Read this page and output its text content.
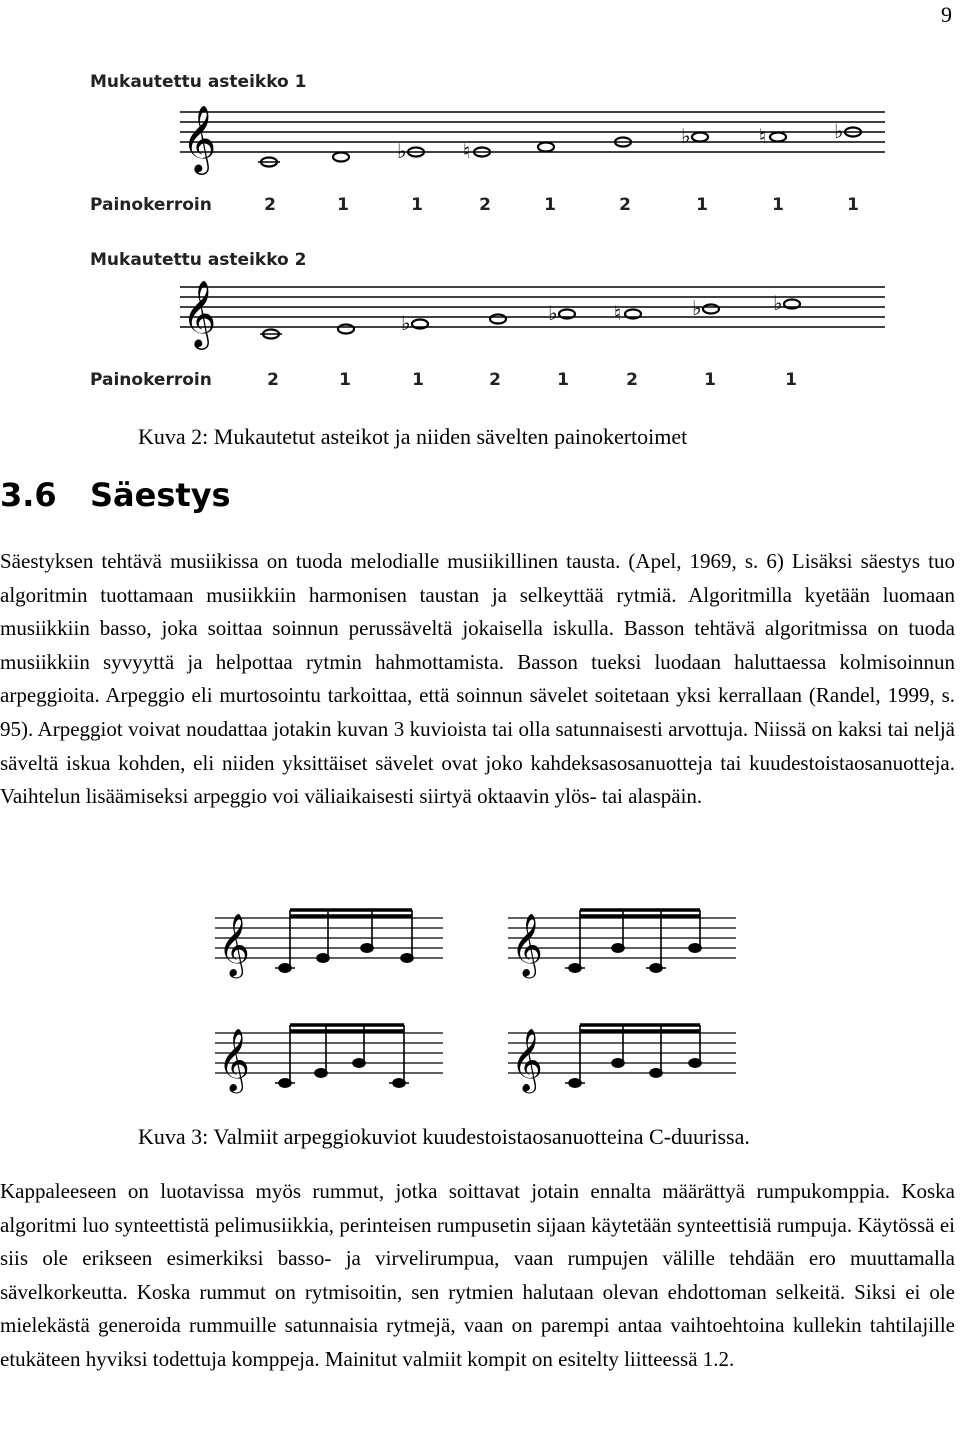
9
Mukautettu asteikko 1
𝄞	♭	♮
♭	♮	♭
Painokerroin	2	1	1	2	1	2	1	1	1
Mukautettu asteikko 2
𝄞	♭	♭	♮	♭	♭
Painokerroin	2	1	1	2	1	2	1	1
Kuva 2: Mukautetut asteikot ja niiden sävelten painokertoimet
3.6 Säestys

Säestyksen tehtävä musiikissa on tuoda melodialle musiikillinen tausta. (Apel, 1969, s. 6) Lisäksi säestys tuo algoritmin tuottamaan musiikkiin harmonisen taustan ja selkeyttää rytmiä. Algoritmilla kyetään luomaan musiikkiin basso, joka soittaa soinnun perussäveltä jokaisella iskulla. Basson tehtävä algoritmissa on tuoda musiikkiin syvyyttä ja helpottaa rytmin hahmottamista. Basson tueksi luodaan haluttaessa kolmisoinnun arpeggioita. Arpeggio eli murtosointu tarkoittaa, että soinnun sävelet soitetaan yksi kerrallaan (Randel, 1999, s. 95). Arpeggiot voivat noudattaa jotakin kuvan 3 kuvioista tai olla satunnaisesti arvottuja. Niissä on kaksi tai neljä säveltä iskua kohden, eli niiden yksittäiset sävelet ovat joko kahdeksasosanuotteja tai kuudestoistaosanuotteja. Vaihtelun lisäämiseksi arpeggio voi väliaikaisesti siirtyä oktaavin ylös- tai alaspäin.

𝄞	𝄞
𝄞	𝄞
Kuva 3: Valmiit arpeggiokuviot kuudestoistaosanuotteina C-duurissa.

Kappaleeseen on luotavissa myös rummut, jotka soittavat jotain ennalta määrättyä rumpukomppia. Koska algoritmi luo synteettistä pelimusiikkia, perinteisen rumpusetin sijaan käytetään synteettisiä rumpuja. Käytössä ei siis ole erikseen esimerkiksi basso- ja virvelirumpua, vaan rumpujen välille tehdään ero muuttamalla sävelkorkeutta. Koska rummut on rytmisoitin, sen rytmien halutaan olevan ehdottoman selkeitä. Siksi ei ole mielekästä generoida rummuille satunnaisia rytmejä, vaan on parempi antaa vaihtoehtoina kullekin tahtilajille etukäteen hyviksi todettuja komppeja. Mainitut valmiit kompit on esitelty liitteessä 1.2.
